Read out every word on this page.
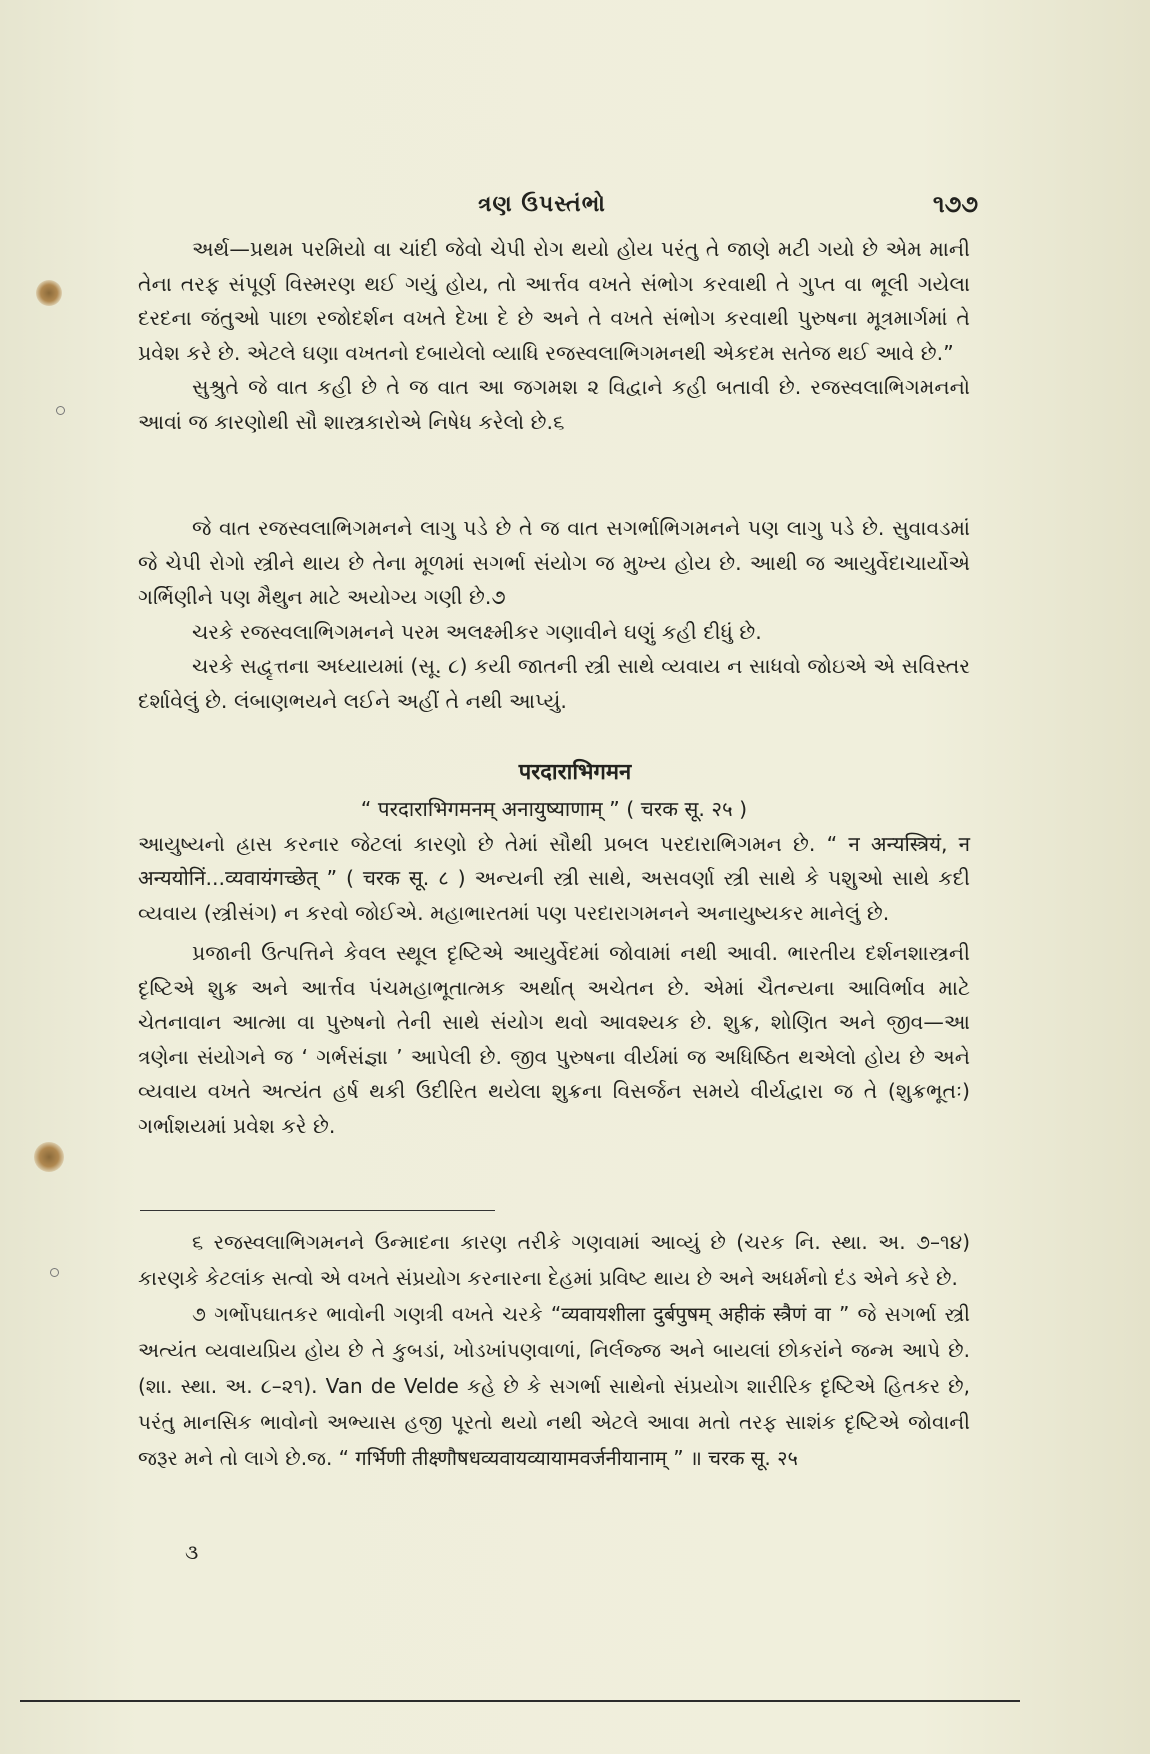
ત્રણ ઉપસ્તંભો	૧૭૭

અર્થ—પ્રથમ પરમિયો વા ચાંદી જેવો ચેપી રોગ થયો હોય પરંતુ તે જાણે મટી ગયો છે એમ માની તેના તરફ સંપૂર્ણ વિસ્મરણ થઈ ગયું હોય, તો આર્ત્તવ વખતે સંભોગ કરવાથી તે ગુપ્ત વા ભૂલી ગયેલા દરદના જંતુઓ પાછા રજોદર્શન વખતે દેખા દે છે અને તે વખતે સંભોગ કરવાથી પુરુષના મૂત્રમાર્ગમાં તે પ્રવેશ કરે છે. એટલે ઘણા વખતનો દબાયેલો વ્યાધિ રજસ્વલાભિગમનથી એકદમ સતેજ થઈ આવે છે.”

સુશ્રુતે જે વાત કહી છે તે જ વાત આ જગમશ ૨ વિદ્વાને કહી બતાવી છે. રજસ્વલાભિગમનનો આવાં જ કારણોથી સૌ શાસ્ત્રકારોએ નિષેધ કરેલો છે.૬

જે વાત રજસ્વલાભિગમનને લાગુ પડે છે તે જ વાત સગર્ભાભિગમનને પણ લાગુ પડે છે. સુવાવડમાં જે ચેપી રોગો સ્ત્રીને થાય છે તેના મૂળમાં સગર્ભા સંયોગ જ મુખ્ય હોય છે. આથી જ આયુર્વેદાચાર્યોએ ગર્ભિણીને પણ મૈથુન માટે અયોગ્ય ગણી છે.૭

ચરકે રજસ્વલાભિગમનને પરમ અલક્ષ્મીકર ગણાવીને ઘણું કહી દીધું છે.

ચરકે સદ્વૃત્તના અધ્યાયમાં (સૂ. ૮) કયી જાતની સ્ત્રી સાથે વ્યવાય ન સાધવો જોઇએ એ સવિસ્તર દર્શાવેલું છે. લંબાણભયને લઈને અહીં તે નથી આપ્યું.

परदाराभिगमन

“ परदाराभिगमनम् अनायुष्याणाम् ” ( चरक सू. २५ )

આયુષ્યનો હ્રાસ કરનાર જેટલાં કારણો છે તેમાં સૌથી પ્રબલ પરદારાભિગમન છે. “ न अन्यस्त्रियं, न अन्ययोनिं...व्यवायंगच्छेत् ” ( चरक सू. ८ ) અન્યની સ્ત્રી સાથે, અસવર્ણા સ્ત્રી સાથે કે પશુઓ સાથે કદી વ્યવાય (સ્ત્રીસંગ) ન કરવો જોઈએ. મહાભારતમાં પણ પરદારાગમનને અનાયુષ્યકર માનેલું છે.

પ્રજાની ઉત્પત્તિને કેવલ સ્થૂલ દૃષ્ટિએ આયુર્વેદમાં જોવામાં નથી આવી. ભારતીય દર્શનશાસ્ત્રની દૃષ્ટિએ શુક્ર અને આર્ત્તવ પંચમહાભૂતાત્મક અર્થાત્ અચેતન છે. એમાં ચૈતન્યના આવિર્ભાવ માટે ચેતનાવાન આત્મા વા પુરુષનો તેની સાથે સંયોગ થવો આવશ્યક છે. શુક્ર, શોણિત અને જીવ—આ ત્રણેના સંયોગને જ ‘ ગર્ભસંજ્ઞા ’ આપેલી છે. જીવ પુરુષના વીર્યમાં જ અધિષ્ઠિત થએલો હોય છે અને વ્યવાય વખતે અત્યંત હર્ષ થકી ઉદીરિત થયેલા શુક્રના વિસર્જન સમયે વીર્યદ્વારા જ તે (શુક્રભૂતઃ) ગર્ભાશયમાં પ્રવેશ કરે છે.

૬ રજસ્વલાભિગમનને ઉન્માદના કારણ તરીકે ગણવામાં આવ્યું છે (ચરક નિ. સ્થા. અ. ૭–૧૪) કારણકે કેટલાંક સત્વો એ વખતે સંપ્રયોગ કરનારના દેહમાં પ્રવિષ્ટ થાય છે અને અધર્મનો દંડ એને કરે છે.

૭ ગર્ભોપઘાતકર ભાવોની ગણત્રી વખતે ચરકે “व्यवायशीला दुर्बपुषम् अहीकं स्त्रैणं वा ” જે સગર્ભા સ્ત્રી અત્યંત વ્યવાયપ્રિય હોય છે તે કુબડાં, ખોડખાંપણવાળાં, નિર્લજ્જ અને બાયલાં છોકરાંને જન્મ આપે છે. (શા. સ્થા. અ. ૮–૨૧). Van de Velde કહે છે કે સગર્ભા સાથેનો સંપ્રયોગ શારીરિક દૃષ્ટિએ હિતકર છે, પરંતુ માનસિક ભાવોનો અભ્યાસ હજી પૂરતો થયો નથી એટલે આવા મતો તરફ સાશંક દૃષ્ટિએ જોવાની જરૂર મને તો લાગે છે.જ. “ गर्भिणी तीक्ष्णौषधव्यवायव्यायामवर्जनीयानाम् ” ॥ चरक सू. २५

૩
